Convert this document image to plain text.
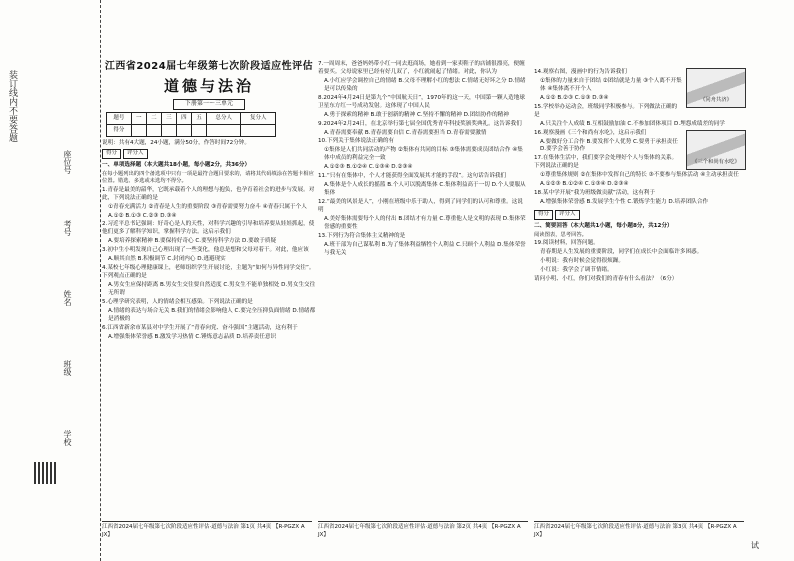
装订线内不要答题
学校
班级
姓名
考号
座位号
江西省2024届七年级第七次阶段适应性评估
道德与法治
下册第一～三单元
题号	一	二	三	四	五	总分人	复分人
得分							
说明：共有4大题，24小题，满分50分，作答时间72分钟。
得分 评分人
一、单项选择题（本大题共18小题，每小题2分，共36分）
在每小题列出的四个备选项中只有一项是最符合题目要求的，请将其代码填涂在答题卡相应位置。错选、多选或未选均不得分。
1.青春是最美的韶华，它既承载着个人的理想与抱负，也孕育着社会的进步与发展。对此，下列说法正确的是
①青春充满活力 ②青春是人生的重要阶段 ③青春需要努力奋斗 ④青春只属于个人
A.①② B.①③ C.②③ D.③④
2.习近平总书记强调：好奇心是人的天性，对科学兴趣的引导和培养要从娃娃抓起，使他们更多了解科学知识，掌握科学方法。这启示我们
A.要培养探索精神 B.要保持好奇心 C.要坚持科学方法 D.要敢于质疑
3.初中生小明发现自己心理出现了一些变化，他总是想和父母对着干。对此，他应该
A.顺其自然 B.积极调节 C.封闭内心 D.逃避现实
4.某校七年级心理健康课上，老师组织学生开展讨论，主题为“如何与异性同学交往”。下列观点正确的是
A.男女生应保持距离 B.男女生交往要自然适度 C.男女生不能单独相处 D.男女生交往无所谓
5.心理学研究表明，人的情绪会相互感染。下列说法正确的是
A.情绪的表达与场合无关 B.我们的情绪会影响他人 C.要完全压抑负面情绪 D.情绪都是消极的
6.江西省新余市某县对中学生开展了“青春向党、奋斗强国”主题活动，这有利于
A.增强集体荣誉感 B.激发学习热情 C.锤炼意志品质 D.培养责任意识
7.一周周末，爸爸妈妈带小红一同去逛商场，她看到一家卖鞋子的店铺很漂亮，便缠着要买。父母说家里已经有好几双了，小红就闹起了情绪。对此，你认为
A.小红应学会调控自己的情绪 B.父母不理解小红的想法 C.情绪无好坏之分 D.情绪是可以传染的
8.2024年4月24日是第九个“中国航天日”，1970年的这一天，中国第一颗人造地球卫星东方红一号成功发射。这体现了中国人民
A.勇于探索的精神 B.敢于创新的精神 C.坚持不懈的精神 D.团结协作的精神
9.2024年2月24日，在北京举行第七届全国优秀青年科技奖颁奖典礼。这告诉我们
A.青春需要奉献 B.青春需要自信 C.青春需要担当 D.青春需要激情
10.下列关于集体说法正确的有
①集体是人们共同活动的产物 ②集体有共同的目标 ③集体需要成员团结合作 ④集体中成员的利益完全一致
A.①②③ B.①②④ C.①③④ D.②③④
11.“只有在集体中，个人才能获得全面发展其才能的手段”。这句话告诉我们
A.集体是个人成长的摇篮 B.个人可以脱离集体 C.集体利益高于一切 D.个人要服从集体
12.“最美的风景是人”，小刚在班级中乐于助人，得到了同学们的认可和尊重。这说明
A.美好集体需要每个人的付出 B.团结才有力量 C.尊重他人是文明的表现 D.集体荣誉感的重要性
13.下列行为符合集体主义精神的是
A.班干部为自己谋私利 B.为了集体利益牺牲个人利益 C.只顾个人利益 D.集体荣誉与我无关
《同舟共济》
14.观察右图，漫画中的行为告诉我们
①集体的力量来自于团结 ②团结就是力量 ③个人离不开集体 ④集体离不开个人
A.①② B.②③ C.①③ D.③④
15.学校举办运动会，班级同学积极参与。下列做法正确的是
A.只关注个人成绩 B.互相鼓励加油 C.不参加团体项目 D.埋怨成绩差的同学
《三个和尚有水吃》
16.观察漫画《三个和尚有水吃》，这启示我们
A.要做好分工合作 B.要发挥个人优势 C.要勇于承担责任 D.要学会善于协作
17.在集体生活中，我们要学会处理好个人与集体的关系。下列说法正确的是
①尊重集体规则 ②在集体中发挥自己的特长 ③不要参与集体活动 ④主动承担责任
A.①②③ B.①②④ C.①③④ D.②③④
18.某中学开展“我为班级做贡献”活动，这有利于
A.增强集体荣誉感 B.发展学生个性 C.锻炼学生能力 D.培养团队合作
得分 评分人
二、简要回答（本大题共1小题，每小题8分，共12分）
阅读图表，思考回答。
19.阅读材料，回答问题。
青春期是人生发展的重要阶段，同学们在成长中会面临许多困惑。
小明说：我有时候会觉得很烦躁。
小红说：我学会了调节情绪。
请问小明、小红，你们对我们的青春有什么看法？（6分）
江西省2024届七年级第七次阶段适应性评估·道德与法治 第1页 共4页 【R-PGZX A JX】
江西省2024届七年级第七次阶段适应性评估·道德与法治 第2页 共4页 【R-PGZX A JX】
江西省2024届七年级第七次阶段适应性评估·道德与法治 第3页 共4页 【R-PGZX A JX】
试
